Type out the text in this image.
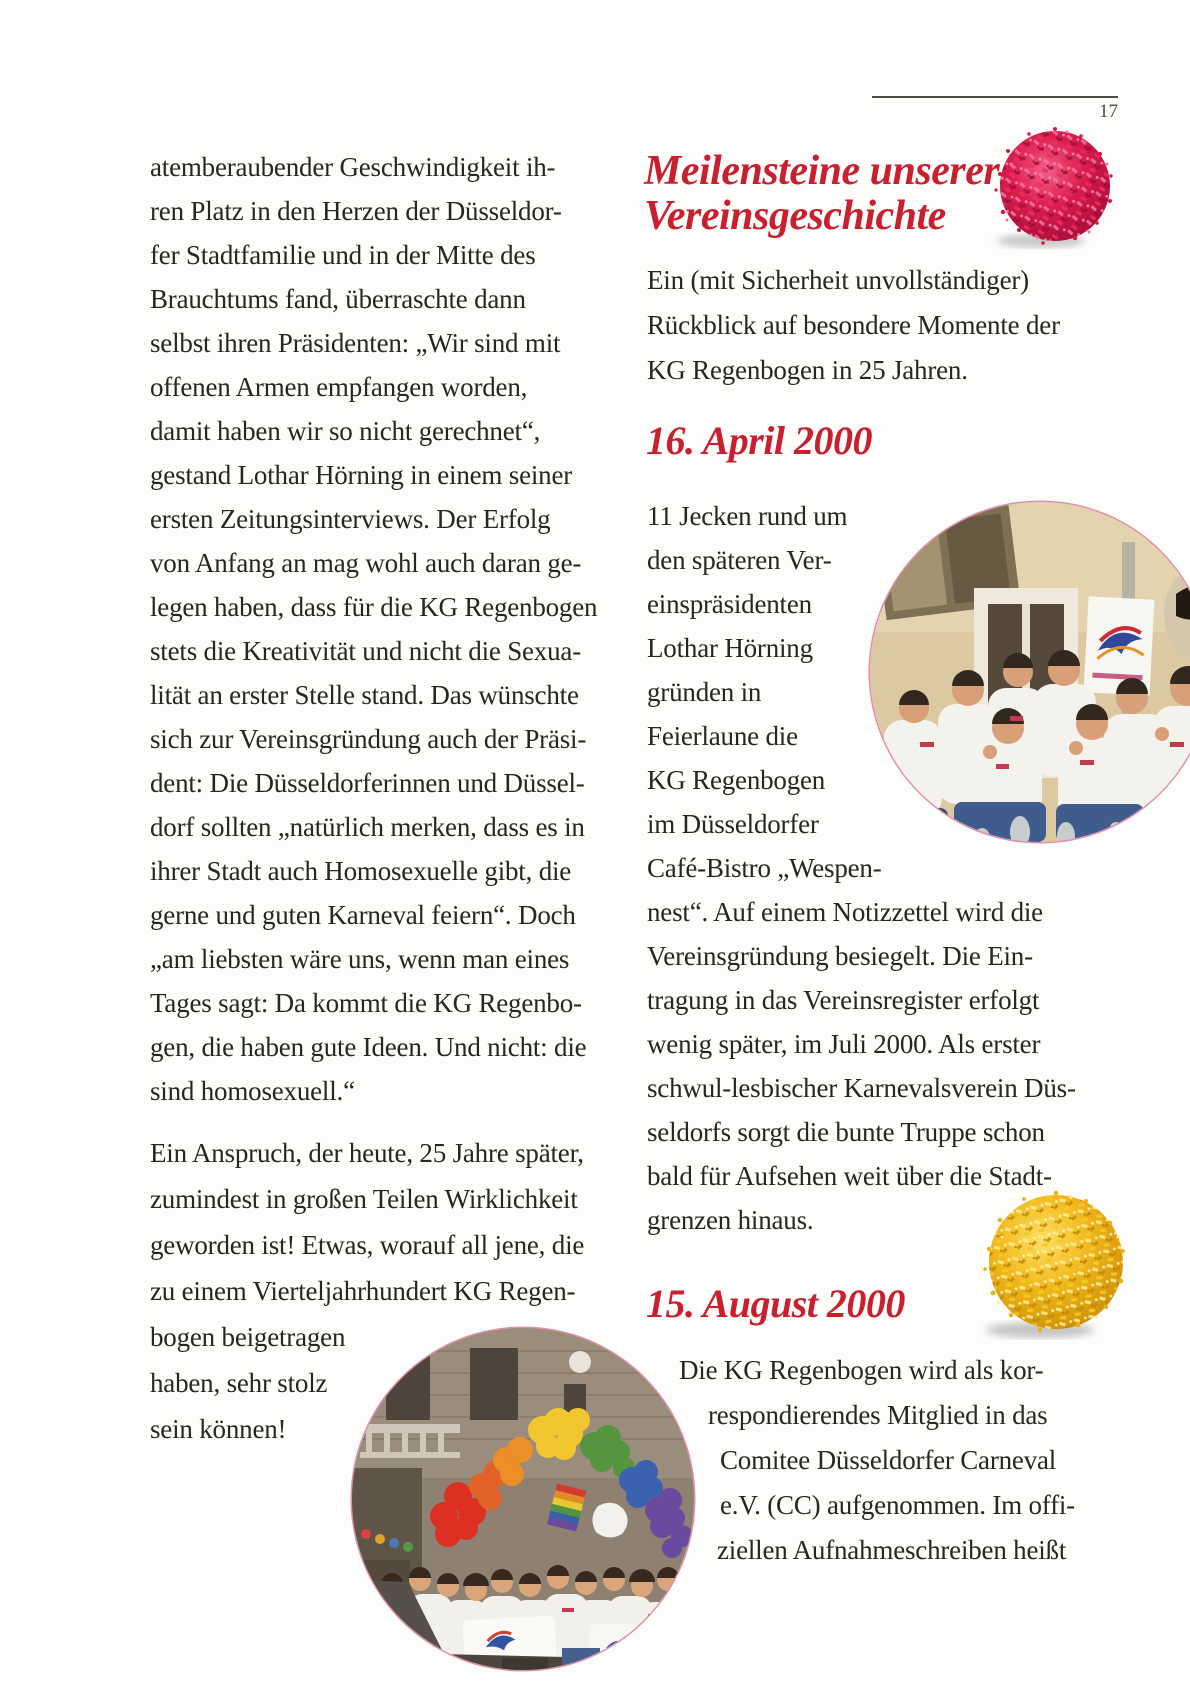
17
atemberaubender Geschwindigkeit ih-
ren Platz in den Herzen der Düsseldor-
fer Stadtfamilie und in der Mitte des
Brauchtums fand, überraschte dann
selbst ihren Präsidenten: „Wir sind mit
offenen Armen empfangen worden,
damit haben wir so nicht gerechnet“,
gestand Lothar Hörning in einem seiner
ersten Zeitungsinterviews. Der Erfolg
von Anfang an mag wohl auch daran ge-
legen haben, dass für die KG Regenbogen
stets die Kreativität und nicht die Sexua-
lität an erster Stelle stand. Das wünschte
sich zur Vereinsgründung auch der Präsi-
dent: Die Düsseldorferinnen und Düssel-
dorf sollten „natürlich merken, dass es in
ihrer Stadt auch Homosexuelle gibt, die
gerne und guten Karneval feiern“. Doch
„am liebsten wäre uns, wenn man eines
Tages sagt: Da kommt die KG Regenbo-
gen, die haben gute Ideen. Und nicht: die
sind homosexuell.“
Ein Anspruch, der heute, 25 Jahre später,
zumindest in großen Teilen Wirklichkeit
geworden ist! Etwas, worauf all jene, die
zu einem Vierteljahrhundert KG Regen-
bogen beigetragen
haben, sehr stolz
sein können!
Meilensteine unserer
Vereinsgeschichte
Ein (mit Sicherheit unvollständiger)
Rückblick auf besondere Momente der
KG Regenbogen in 25 Jahren.
16. April 2000
11 Jecken rund um
den späteren Ver-
einspräsidenten
Lothar Hörning
gründen in
Feierlaune die
KG Regenbogen
im Düsseldorfer
Café-Bistro „Wespen-
nest“. Auf einem Notizzettel wird die
Vereinsgründung besiegelt. Die Ein-
tragung in das Vereinsregister erfolgt
wenig später, im Juli 2000. Als erster
schwul-lesbischer Karnevalsverein Düs-
seldorfs sorgt die bunte Truppe schon
bald für Aufsehen weit über die Stadt-
grenzen hinaus.
15. August 2000
Die KG Regenbogen wird als kor-
respondierendes Mitglied in das
Comitee Düsseldorfer Carneval
e.V. (CC) aufgenommen. Im offi-
ziellen Aufnahmeschreiben heißt
